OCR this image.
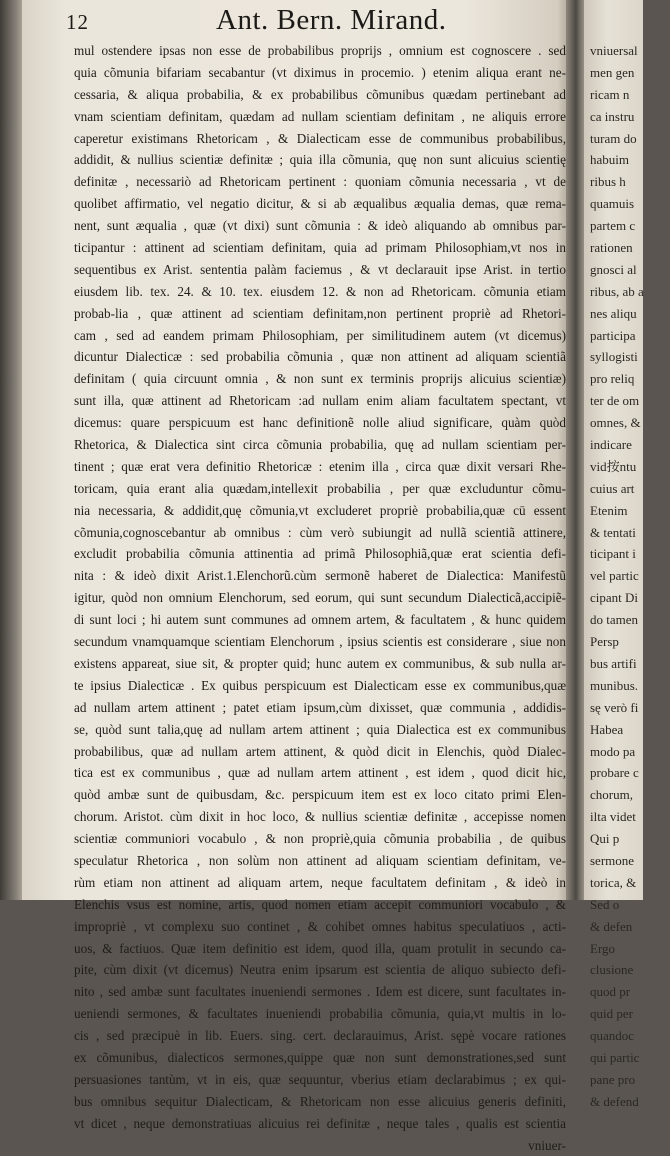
vniuersal
men gen
ricam n
ca instru
turam do
habuim
ribus h
quamuis
partem c
rationen
gnosci al
ribus, ab a
nes aliqu
participa
syllogisti
pro reliq
ter de om
omnes, &
indicare
vid按ntu
cuius art
Etenim
& tentati
ticipant i
vel partic
cipant Di
do tamen
Persp
bus artifi
munibus.
sę verò fi
Habea
modo pa
probare c
chorum,
ilta videt
Qui p
sermone
torica, &
Sed o
& defen
Ergo
clusione
quod pr
quid per
quandoc
qui partic
pane pro
& defend
12	Ant. Bern. Mirand.
mul ostendere ipsas non esse de probabilibus proprijs , omnium est cognoscere . sed
quia cõmunia bifariam secabantur (vt diximus in procemio. ) etenim aliqua erant ne-
cessaria, & aliqua probabilia, & ex probabilibus cõmunibus quædam pertinebant ad
vnam scientiam definitam, quædam ad nullam scientiam definitam , ne aliquis errore
caperetur existimans Rhetoricam , & Dialecticam esse de communibus probabilibus,
addidit, & nullius scientiæ definitæ ; quia illa cõmunia, quę non sunt alicuius scientię
definitæ , necessariò ad Rhetoricam pertinent : quoniam cõmunia necessaria , vt de
quolibet affirmatio, vel negatio dicitur, & si ab æqualibus æqualia demas, quæ rema-
nent, sunt æqualia , quæ (vt dixi) sunt cõmunia : & ideò aliquando ab omnibus par-
ticipantur : attinent ad scientiam definitam, quia ad primam Philosophiam,vt nos in
sequentibus ex Arist. sententia palàm faciemus , & vt declarauit ipse Arist. in tertio
eiusdem lib. tex. 24. & 10. tex. eiusdem 12. & non ad Rhetoricam. cõmunia etiam
probab-lia , quæ attinent ad scientiam definitam,non pertinent propriè ad Rhetori-
cam , sed ad eandem primam Philosophiam, per similitudinem autem (vt dicemus)
dicuntur Dialecticæ : sed probabilia cõmunia , quæ non attinent ad aliquam scientiã
definitam ( quia circuunt omnia , & non sunt ex terminis proprijs alicuius scientiæ)
sunt illa, quæ attinent ad Rhetoricam :ad nullam enim aliam facultatem spectant, vt
dicemus: quare perspicuum est hanc definitionẽ nolle aliud significare, quàm quòd
Rhetorica, & Dialectica sint circa cõmunia probabilia, quę ad nullam scientiam per-
tinent ; quæ erat vera definitio Rhetoricæ : etenim illa , circa quæ dixit versari Rhe-
toricam, quia erant alia quædam,intellexit probabilia , per quæ excluduntur cõmu-
nia necessaria, & addidit,quę cõmunia,vt excluderet propriè probabilia,quæ cū essent
cõmunia,cognoscebantur ab omnibus : cùm verò subiungit ad nullã scientiã attinere,
excludit probabilia cõmunia attinentia ad primã Philosophiã,quæ erat scientia defi-
nita : & ideò dixit Arist.1.Elenchorũ.cùm sermonẽ haberet de Dialectica: Manifestũ
igitur, quòd non omnium Elenchorum, sed eorum, qui sunt secundum Dialecticã,accipiẽ-
di sunt loci ; hi autem sunt communes ad omnem artem, & facultatem , & hunc quidem
secundum vnamquamque scientiam Elenchorum , ipsius scientis est considerare , siue non
existens appareat, siue sit, & propter quid; hunc autem ex communibus, & sub nulla ar-
te ipsius Dialecticæ . Ex quibus perspicuum est Dialecticam esse ex communibus,quæ
ad nullam artem attinent ; patet etiam ipsum,cùm dixisset, quæ communia , addidis-
se, quòd sunt talia,quę ad nullam artem attinent ; quia Dialectica est ex communibus
probabilibus, quæ ad nullam artem attinent, & quòd dicit in Elenchis, quòd Dialec-
tica est ex communibus , quæ ad nullam artem attinent , est idem , quod dicit hic,
quòd ambæ sunt de quibusdam, &c. perspicuum item est ex loco citato primi Elen-
chorum. Aristot. cùm dixit in hoc loco, & nullius scientiæ definitæ , accepisse nomen
scientiæ communiori vocabulo , & non propriè,quia cõmunia probabilia , de quibus
speculatur Rhetorica , non solùm non attinent ad aliquam scientiam definitam, ve-
rùm etiam non attinent ad aliquam artem, neque facultatem definitam , & ideò in
Elenchis vsus est nomine, artis, quod nomen etiam accepit communiori vocabulo , &
impropriè , vt complexu suo continet , & cohibet omnes habitus speculatiuos , acti-
uos, & factiuos. Quæ item definitio est idem, quod illa, quam protulit in secundo ca-
pite, cùm dixit (vt dicemus) Neutra enim ipsarum est scientia de aliquo subiecto defi-
nito , sed ambæ sunt facultates inueniendi sermones . Idem est dicere, sunt facultates in-
ueniendi sermones, & facultates inueniendi probabilia cõmunia, quia,vt multis in lo-
cis , sed præcipuè in lib. Euers. sing. cert. declarauimus, Arist. sępè vocare rationes
ex cõmunibus, dialecticos sermones,quippe quæ non sunt demonstrationes,sed sunt
persuasiones tantùm, vt in eis, quæ sequuntur, vberius etiam declarabimus ; ex qui-
bus omnibus sequitur Dialecticam, & Rhetoricam non esse alicuius generis definiti,
vt dicet , neque demonstratiuas alicuius rei definitæ , neque tales , qualis est scientia
vniuer-
